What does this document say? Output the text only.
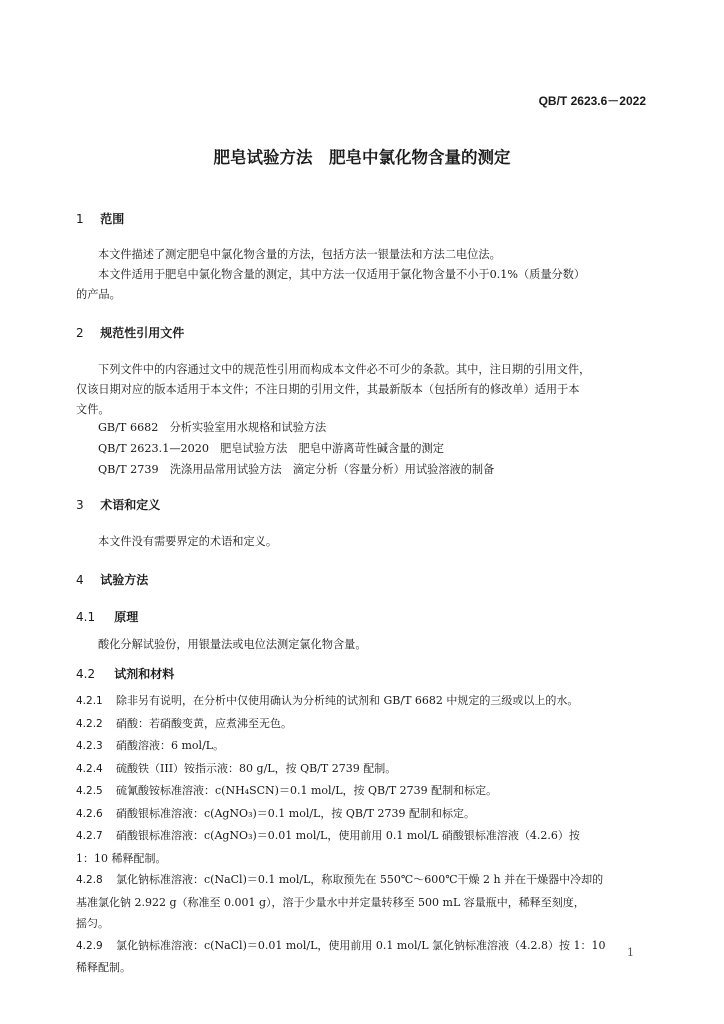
QB/T 2623.6－2022
肥皂试验方法　肥皂中氯化物含量的测定
1 范围
本文件描述了测定肥皂中氯化物含量的方法，包括方法一银量法和方法二电位法。
本文件适用于肥皂中氯化物含量的测定，其中方法一仅适用于氯化物含量不小于0.1%（质量分数）
的产品。
2 规范性引用文件
下列文件中的内容通过文中的规范性引用而构成本文件必不可少的条款。其中，注日期的引用文件，
仅该日期对应的版本适用于本文件；不注日期的引用文件，其最新版本（包括所有的修改单）适用于本
文件。
GB/T 6682　分析实验室用水规格和试验方法
QB/T 2623.1—2020　肥皂试验方法　肥皂中游离苛性碱含量的测定
QB/T 2739　洗涤用品常用试验方法　滴定分析（容量分析）用试验溶液的制备
3 术语和定义
本文件没有需要界定的术语和定义。
4 试验方法
4.1 原理
酸化分解试验份，用银量法或电位法测定氯化物含量。
4.2 试剂和材料
4.2.1 除非另有说明，在分析中仅使用确认为分析纯的试剂和 GB/T 6682 中规定的三级或以上的水。
4.2.2 硝酸：若硝酸变黄，应煮沸至无色。
4.2.3 硝酸溶液：6 mol/L。
4.2.4 硫酸铁（III）铵指示液：80 g/L，按 QB/T 2739 配制。
4.2.5 硫氰酸铵标准溶液：c(NH₄SCN)＝0.1 mol/L，按 QB/T 2739 配制和标定。
4.2.6 硝酸银标准溶液：c(AgNO₃)＝0.1 mol/L，按 QB/T 2739 配制和标定。
4.2.7 硝酸银标准溶液：c(AgNO₃)＝0.01 mol/L，使用前用 0.1 mol/L 硝酸银标准溶液（4.2.6）按
1：10 稀释配制。
4.2.8 氯化钠标准溶液：c(NaCl)＝0.1 mol/L，称取预先在 550℃～600℃干燥 2 h 并在干燥器中冷却的
基准氯化钠 2.922 g（称准至 0.001 g），溶于少量水中并定量转移至 500 mL 容量瓶中，稀释至刻度，
摇匀。
4.2.9 氯化钠标准溶液：c(NaCl)＝0.01 mol/L，使用前用 0.1 mol/L 氯化钠标准溶液（4.2.8）按 1：10
稀释配制。
1
